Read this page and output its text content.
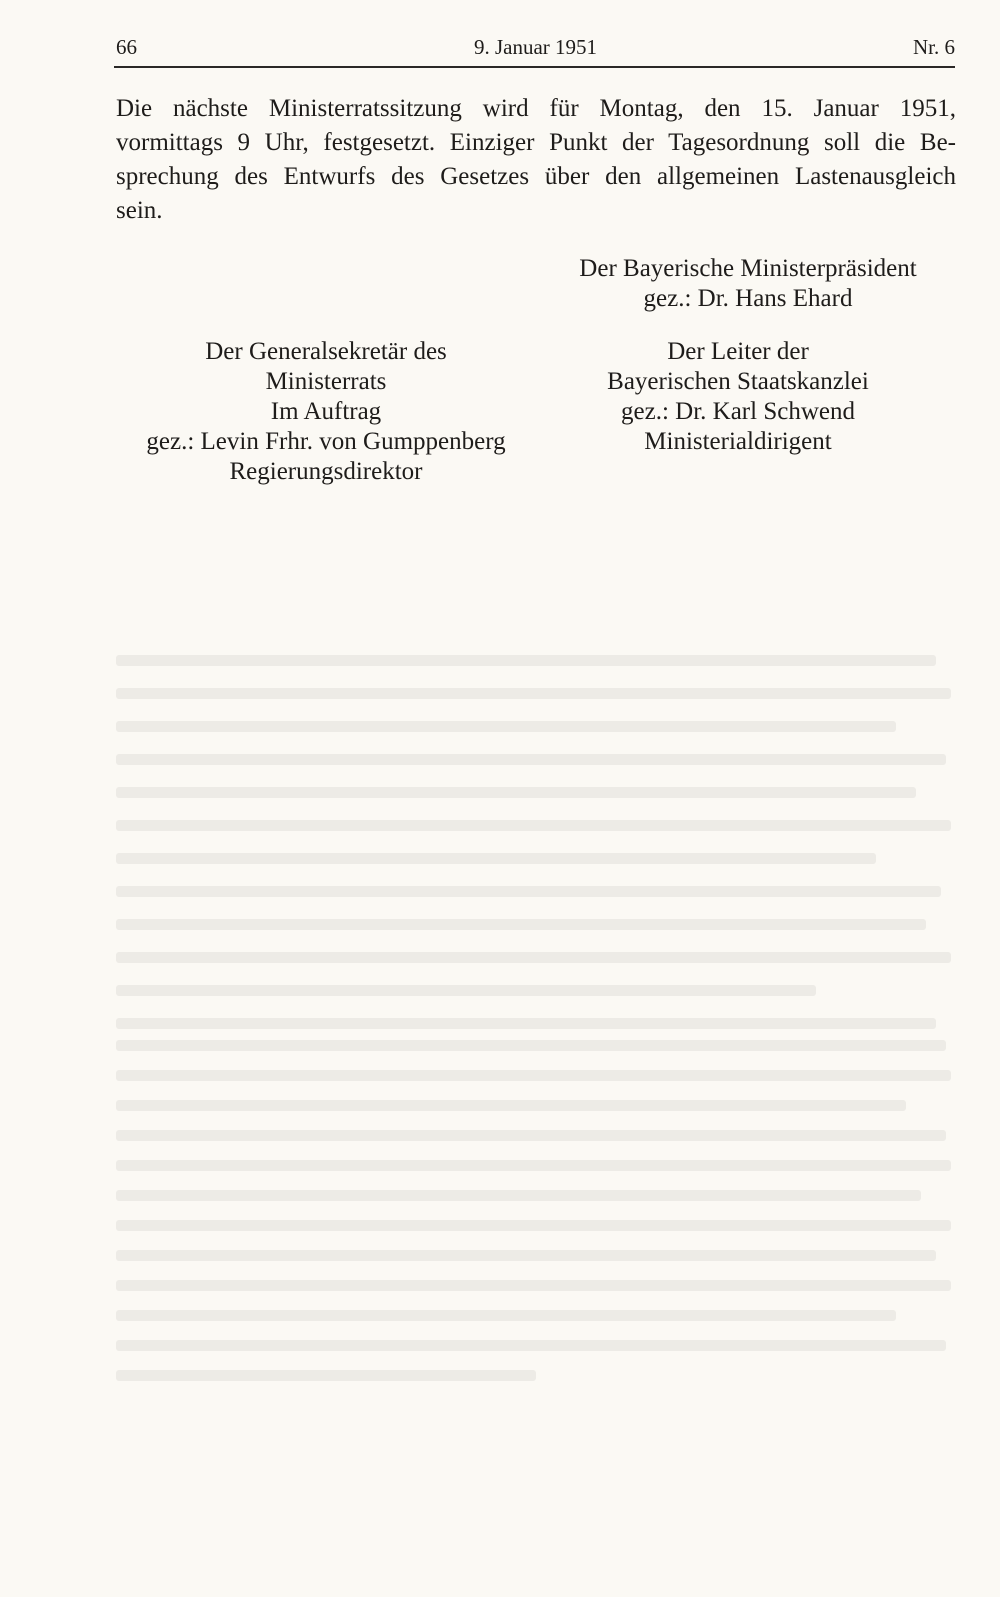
66	9. Januar 1951	Nr. 6

Die nächste Ministerratssitzung wird für Montag, den 15. Januar 1951,
vormittags 9 Uhr, festgesetzt. Einziger Punkt der Tagesordnung soll die Be-
sprechung des Entwurfs des Gesetzes über den allgemeinen Lastenausgleich
sein.

Der Bayerische Ministerpräsident
gez.: Dr. Hans Ehard
Der Generalsekretär des
Ministerrats
Im Auftrag
gez.: Levin Frhr. von Gumppenberg
Regierungsdirektor
Der Leiter der
Bayerischen Staatskanzlei
gez.: Dr. Karl Schwend
Ministerialdirigent
